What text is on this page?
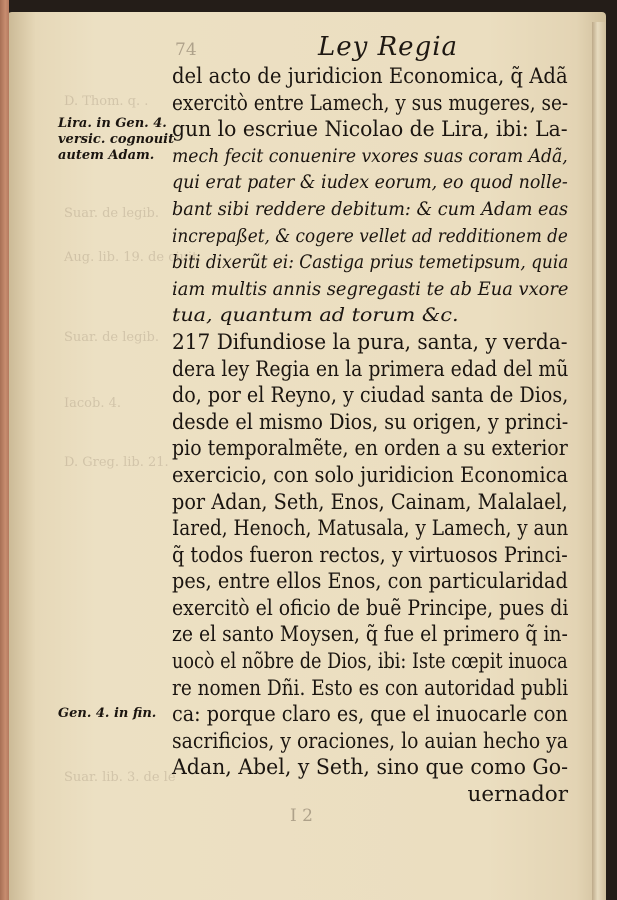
D. Thom. q. .
Suar. de legib.
Aug. lib. 19. de ciuit.
Suar. de legib.
Iacob. 4.
D. Greg. lib. 21.
Suar. lib. 3. de le
74	Ley Regia
del acto de juridicion Economica, q̃ Adã
exercitò entre Lamech, y sus mugeres, se-
gun lo escriue Nicolao de Lira, ibi: La-
mech fecit conuenire vxores suas coram Adã,
qui erat pater & iudex eorum, eo quod nolle-
bant sibi reddere debitum: & cum Adam eas
increpaßet, & cogere vellet ad redditionem de
biti dixerũt ei: Castiga prius temetipsum, quia
iam multis annis segregasti te ab Eua vxore
tua, quantum ad torum &c.
217 Difundiose la pura, santa, y verda-
dera ley Regia en la primera edad del mũ
do, por el Reyno, y ciudad santa de Dios,
desde el mismo Dios, su origen, y princi-
pio temporalmẽte, en orden a su exterior
exercicio, con solo juridicion Economica
por Adan, Seth, Enos, Cainam, Malalael,
Iared, Henoch, Matusala, y Lamech, y aun
q̃ todos fueron rectos, y virtuosos Princi-
pes, entre ellos Enos, con particularidad
exercitò el oficio de buẽ Principe, pues di
ze el santo Moysen, q̃ fue el primero q̃ in-
uocò el nõbre de Dios, ibi: Iste cœpit inuoca
re nomen Dñi. Esto es con autoridad publi
ca: porque claro es, que el inuocarle con
sacrificios, y oraciones, lo auian hecho ya
Adan, Abel, y Seth, sino que como Go-
uernador
Lira. in Gen. 4.
versic. cognouit
autem Adam.
Gen. 4. in fin.
I 2
